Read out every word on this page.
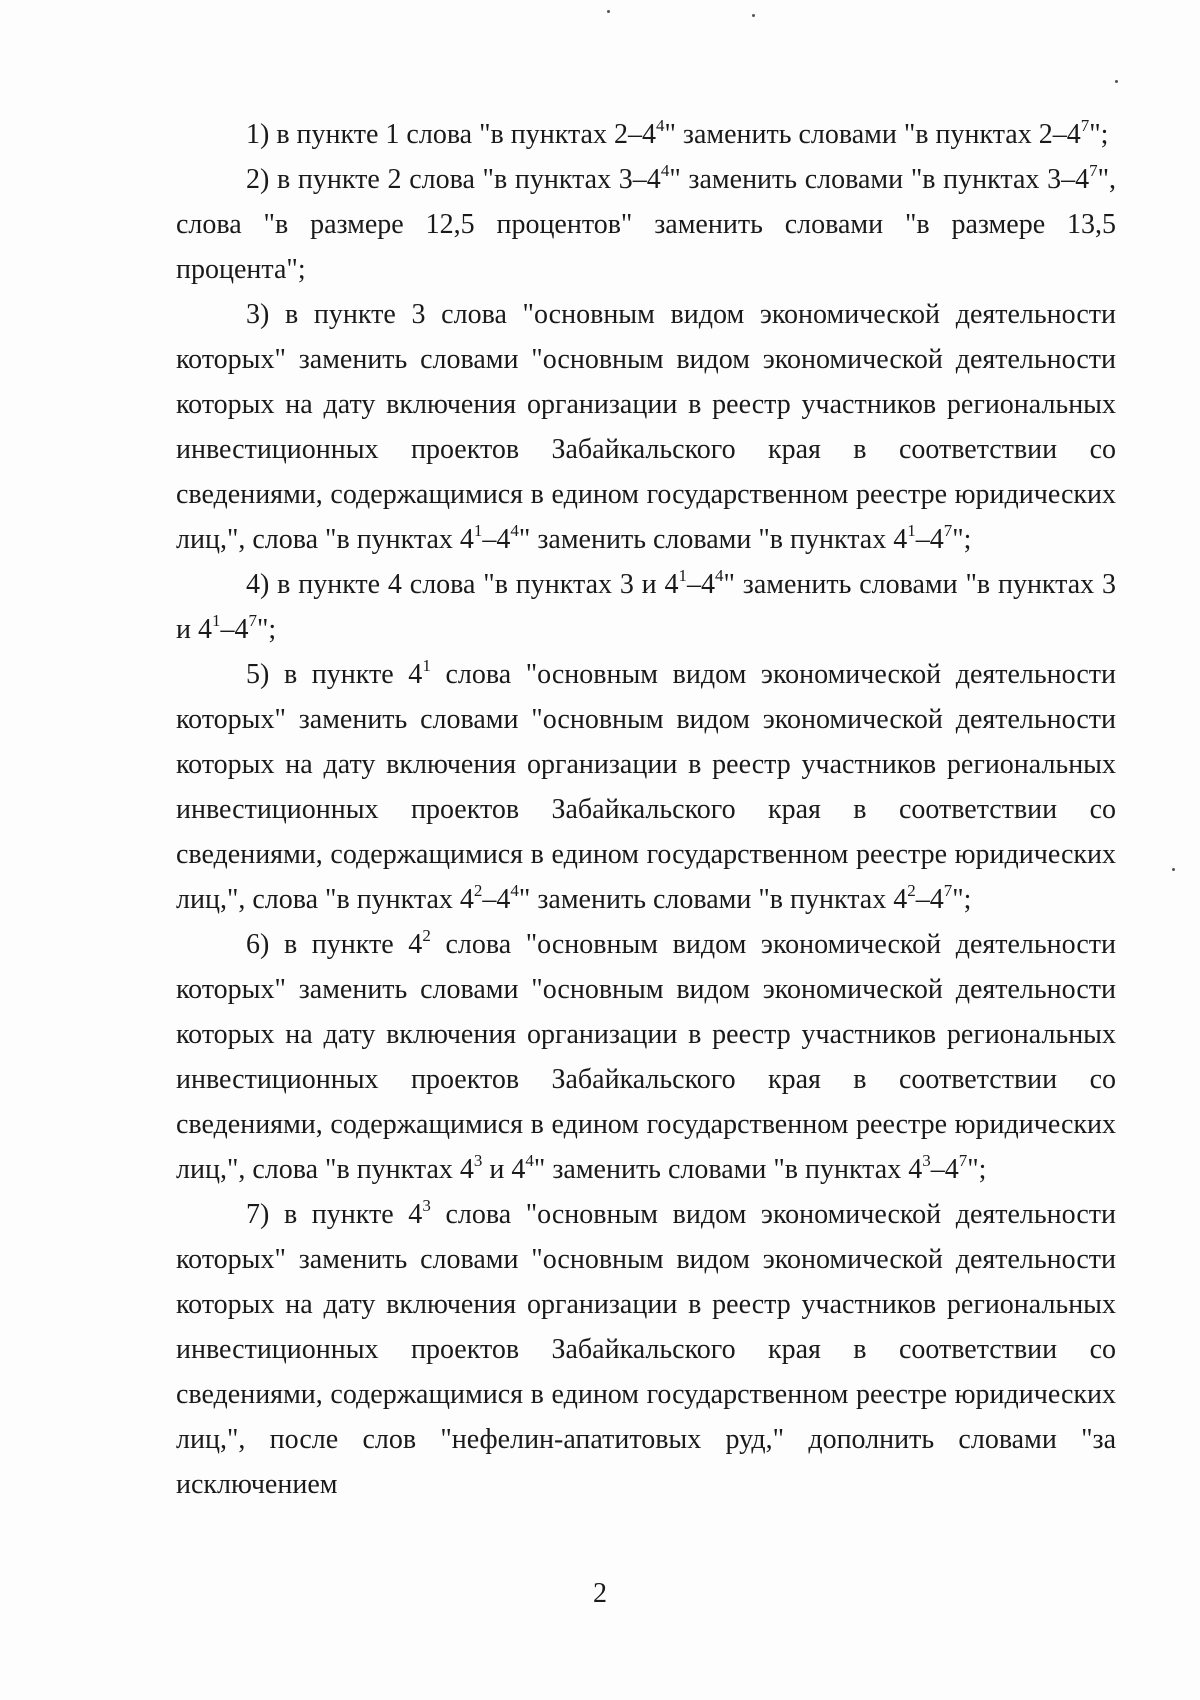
1) в пункте 1 слова "в пунктах $2-4^4$" заменить словами "в пунктах $2-4^7$";

2) в пункте 2 слова "в пунктах $3-4^4$" заменить словами "в пунктах $3-4^7$", слова "в размере 12,5 процентов" заменить словами "в размере 13,5 процента";

3) в пункте 3 слова "основным видом экономической деятельности которых" заменить словами "основным видом экономической деятельности которых на дату включения организации в реестр участников региональных инвестиционных проектов Забайкальского края в соответствии со сведениями, содержащимися в едином государственном реестре юридических лиц,", слова "в пунктах $4^1-4^4$" заменить словами "в пунктах $4^1-4^7$";

4) в пункте 4 слова "в пунктах 3 и $4^1-4^4$" заменить словами "в пунктах 3 и $4^1-4^7$";

5) в пункте $4^1$ слова "основным видом экономической деятельности которых" заменить словами "основным видом экономической деятельности которых на дату включения организации в реестр участников региональных инвестиционных проектов Забайкальского края в соответствии со сведениями, содержащимися в едином государственном реестре юридических лиц,", слова "в пунктах $4^2-4^4$" заменить словами "в пунктах $4^2-4^7$";

6) в пункте $4^2$ слова "основным видом экономической деятельности которых" заменить словами "основным видом экономической деятельности которых на дату включения организации в реестр участников региональных инвестиционных проектов Забайкальского края в соответствии со сведениями, содержащимися в едином государственном реестре юридических лиц,", слова "в пунктах $4^3$ и $4^4$" заменить словами "в пунктах $4^3-4^7$";

7) в пункте $4^3$ слова "основным видом экономической деятельности которых" заменить словами "основным видом экономической деятельности которых на дату включения организации в реестр участников региональных инвестиционных проектов Забайкальского края в соответствии со сведениями, содержащимися в едином государственном реестре юридических лиц,", после слов "нефелин-апатитовых руд," дополнить словами "за исключением

2
